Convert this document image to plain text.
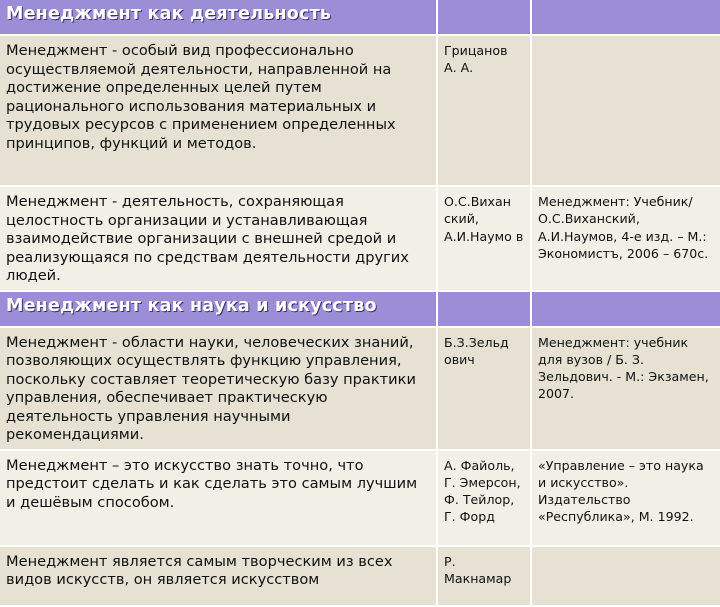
Менеджмент как деятельность		
Менеджмент - особый вид профессионально осуществляемой деятельности, направленной на достижение определенных целей путем рационального использования материальных и трудовых ресурсов с применением определенных принципов, функций и методов.	Грицанов А. А.	
Менеджмент - деятельность, сохраняющая целостность организации и устанавливающая взаимодействие организации с внешней средой и реализующаяся по средствам деятельности других людей.	О.С.Вихан ский, А.И.Наумо в	Менеджмент: Учебник/ О.С.Виханский, А.И.Наумов, 4-е изд. – М.: Экономистъ, 2006 – 670с.
Менеджмент как наука и искусство		
Менеджмент - области науки, человеческих знаний, позволяющих осуществлять функцию управления, поскольку составляет теоретическую базу практики управления, обеспечивает практическую деятельность управления научными рекомендациями.	Б.З.Зельд ович	Менеджмент: учебник для вузов / Б. З. Зельдович. - М.: Экзамен, 2007.
Менеджмент – это искусство знать точно, что предстоит сделать и как сделать это самым лучшим и дешёвым способом.	А. Файоль, Г. Эмерсон, Ф. Тейлор, Г. Форд	«Управление – это наука и искусство». Издательство «Республика», М. 1992.
Менеджмент является самым творческим из всех видов искусств, он является искусством	Р. Макнамар	
